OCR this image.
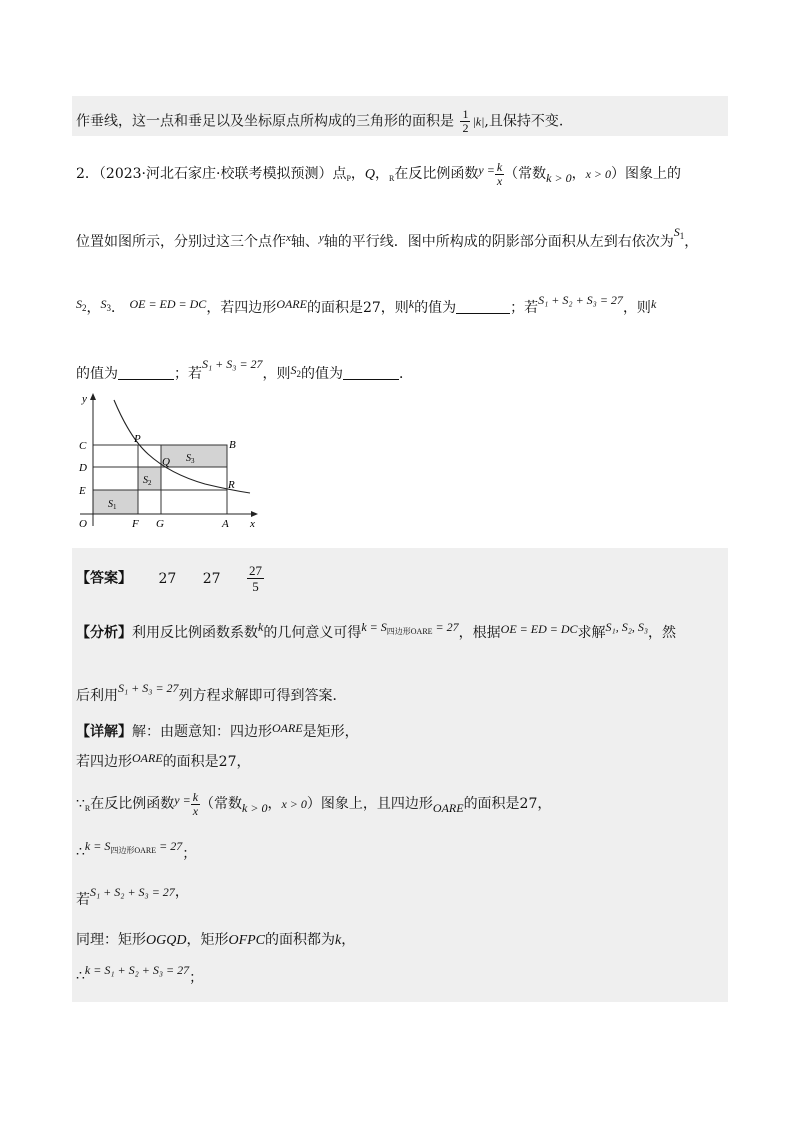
作垂线，这一点和垂足以及坐标原点所构成的三角形的面积是 $\frac{1}{2} |k|$,且保持不变.
2．（2023·河北石家庄·校联考模拟预测）点$_P$，Q，$_R$在反比例函数$y = \frac{k}{x}$ （常数k > 0，x > 0）图象上的
位置如图所示，分别过这三个点作$^x$轴、$^y$轴的平行线．图中所构成的阴影部分面积从左到右依次为$S_1$，
$S_2$，$S_3$． OE = ED = DC，若四边形OARE的面积是27，则k的值为	；若S₁ + S₂ + S₃ = 27，则k
的值为	；若S₁ + S₃ = 27，则$S_2$的值为	．
y
x
O	F G	A
C
D
E
P
Q
R
B
$S_1$
$S_2$
$S_3$
【答案】 27 $27 \frac{27}{5}$
【分析】利用反比例函数系数k的几何意义可得$k = S_{四边形OARE} = 27$，根据OE = ED = DC求解S₁, S₂, S₃，然
后利用S₁ + S₃ = 27列方程求解即可得到答案．
【详解】解：由题意知：四边形OARE是矩形，
若四边形OARE的面积是27，
$\because_R$在反比例函数$y = \frac{k}{x}$ （常数k > 0，x > 0）图象上，且四边形OARE的面积是27，
∴k = $S_{四边形OARE} = 27$；
若S₁ + S₂ + S₃ = 27，
同理：矩形OGQD，矩形OFPC的面积都为k，
∴k = S₁ + S₂ + S₃ = 27；
